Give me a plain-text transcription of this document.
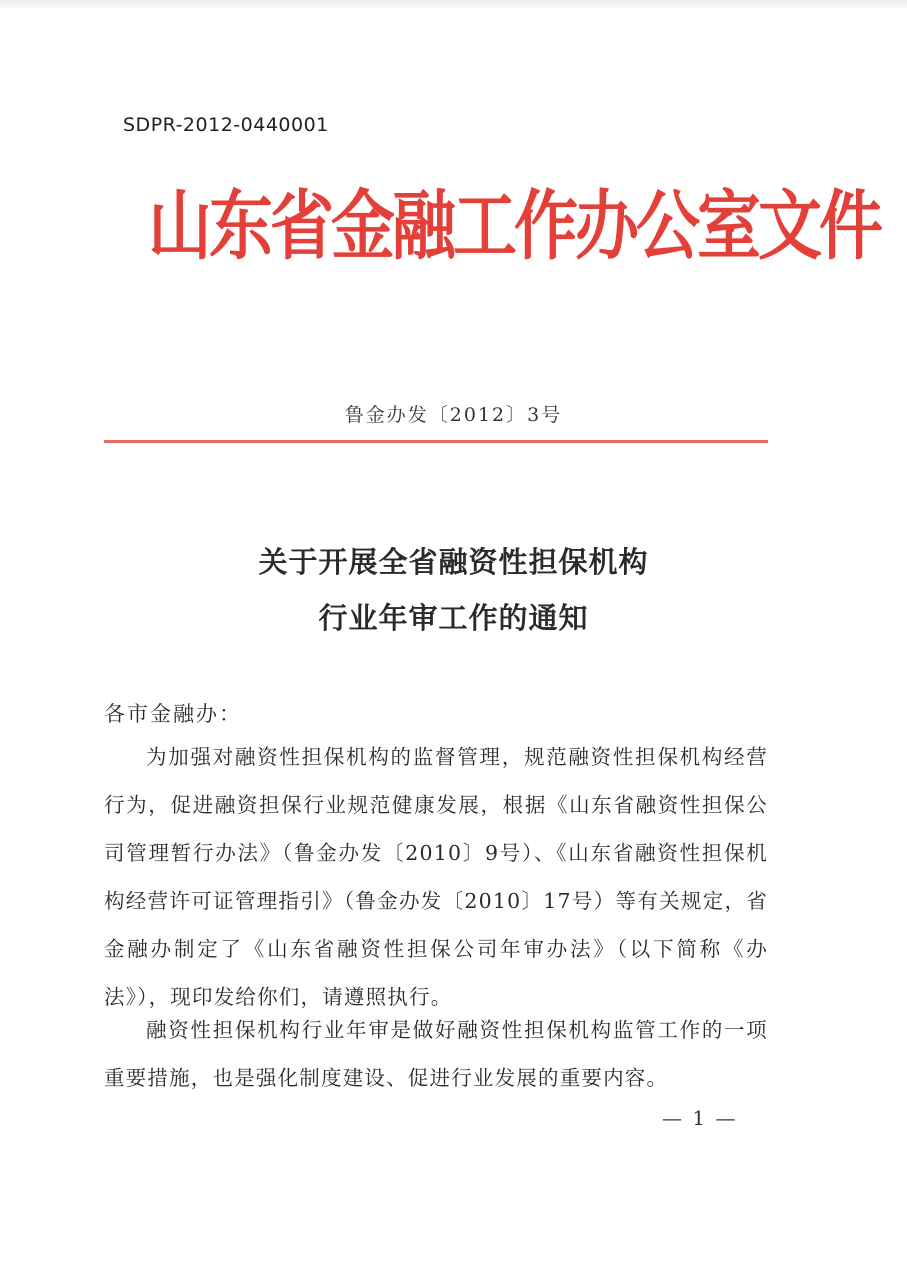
SDPR-2012-0440001
山东省金融工作办公室文件
鲁金办发〔2012〕3号
关于开展全省融资性担保机构
行业年审工作的通知
各市金融办：
为加强对融资性担保机构的监督管理，规范融资性担保机构经营行为，促进融资担保行业规范健康发展，根据《山东省融资性担保公司管理暂行办法》（鲁金办发〔2010〕9号）、《山东省融资性担保机构经营许可证管理指引》（鲁金办发〔2010〕17号）等有关规定，省金融办制定了《山东省融资性担保公司年审办法》（以下简称《办法》），现印发给你们，请遵照执行。
融资性担保机构行业年审是做好融资性担保机构监管工作的一项重要措施，也是强化制度建设、促进行业发展的重要内容。
— 1 —
